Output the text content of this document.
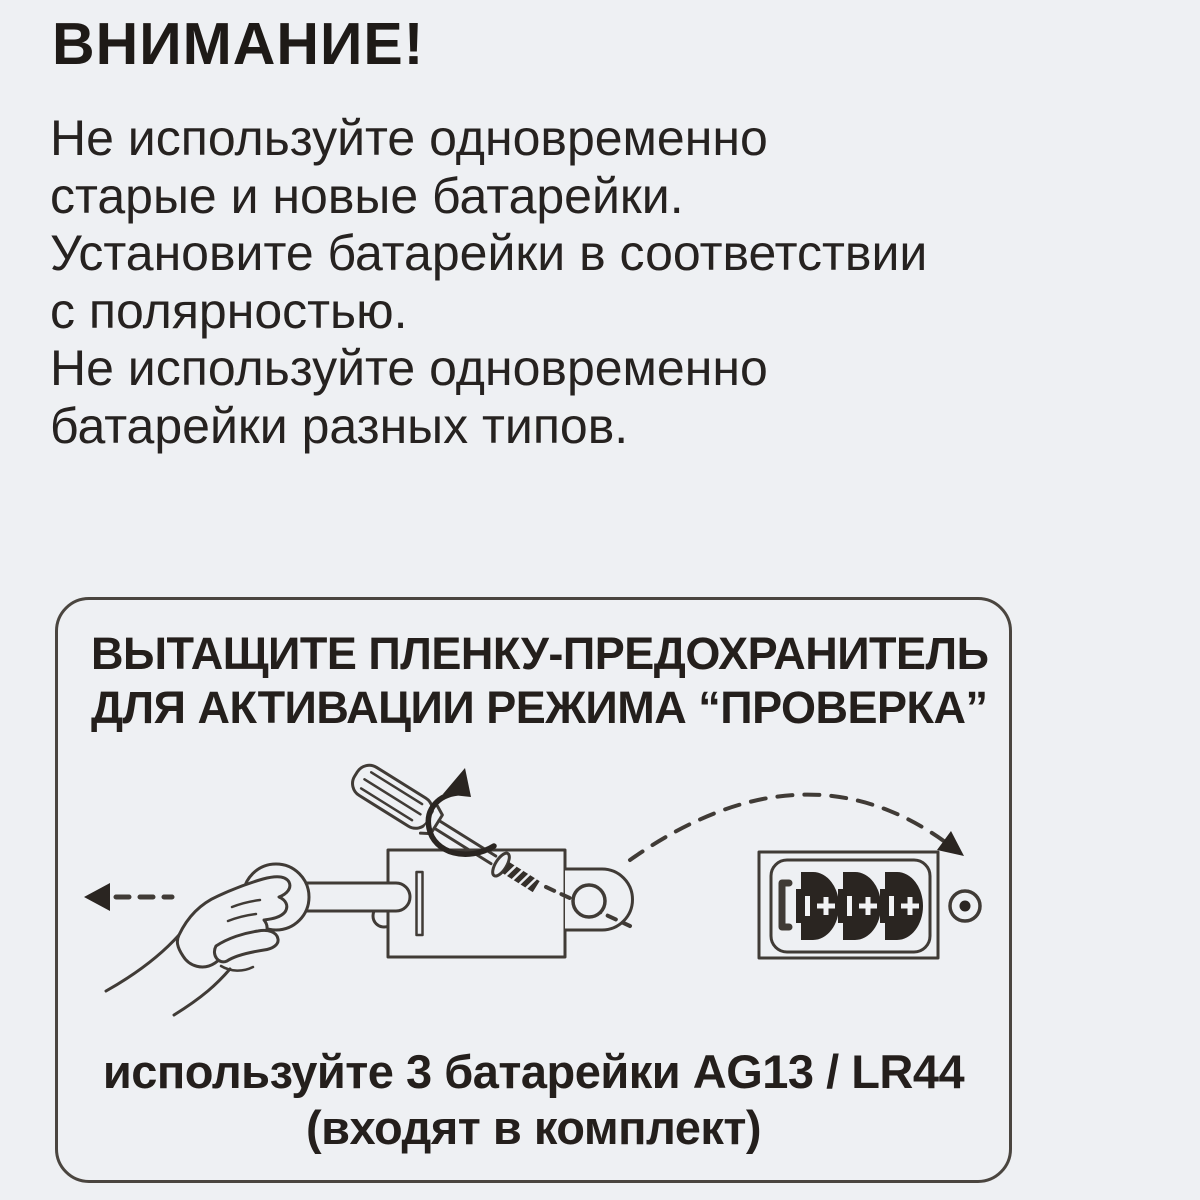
ВНИМАНИЕ!
Не используйте одновременно
старые и новые батарейки.
Установите батарейки в соответствии
с полярностью.
Не используйте одновременно
батарейки разных типов.
ВЫТАЩИТЕ ПЛЕНКУ-ПРЕДОХРАНИТЕЛЬ
ДЛЯ АКТИВАЦИИ РЕЖИМА “ПРОВЕРКА”
используйте 3 батарейки AG13 / LR44
(входят в комплект)
